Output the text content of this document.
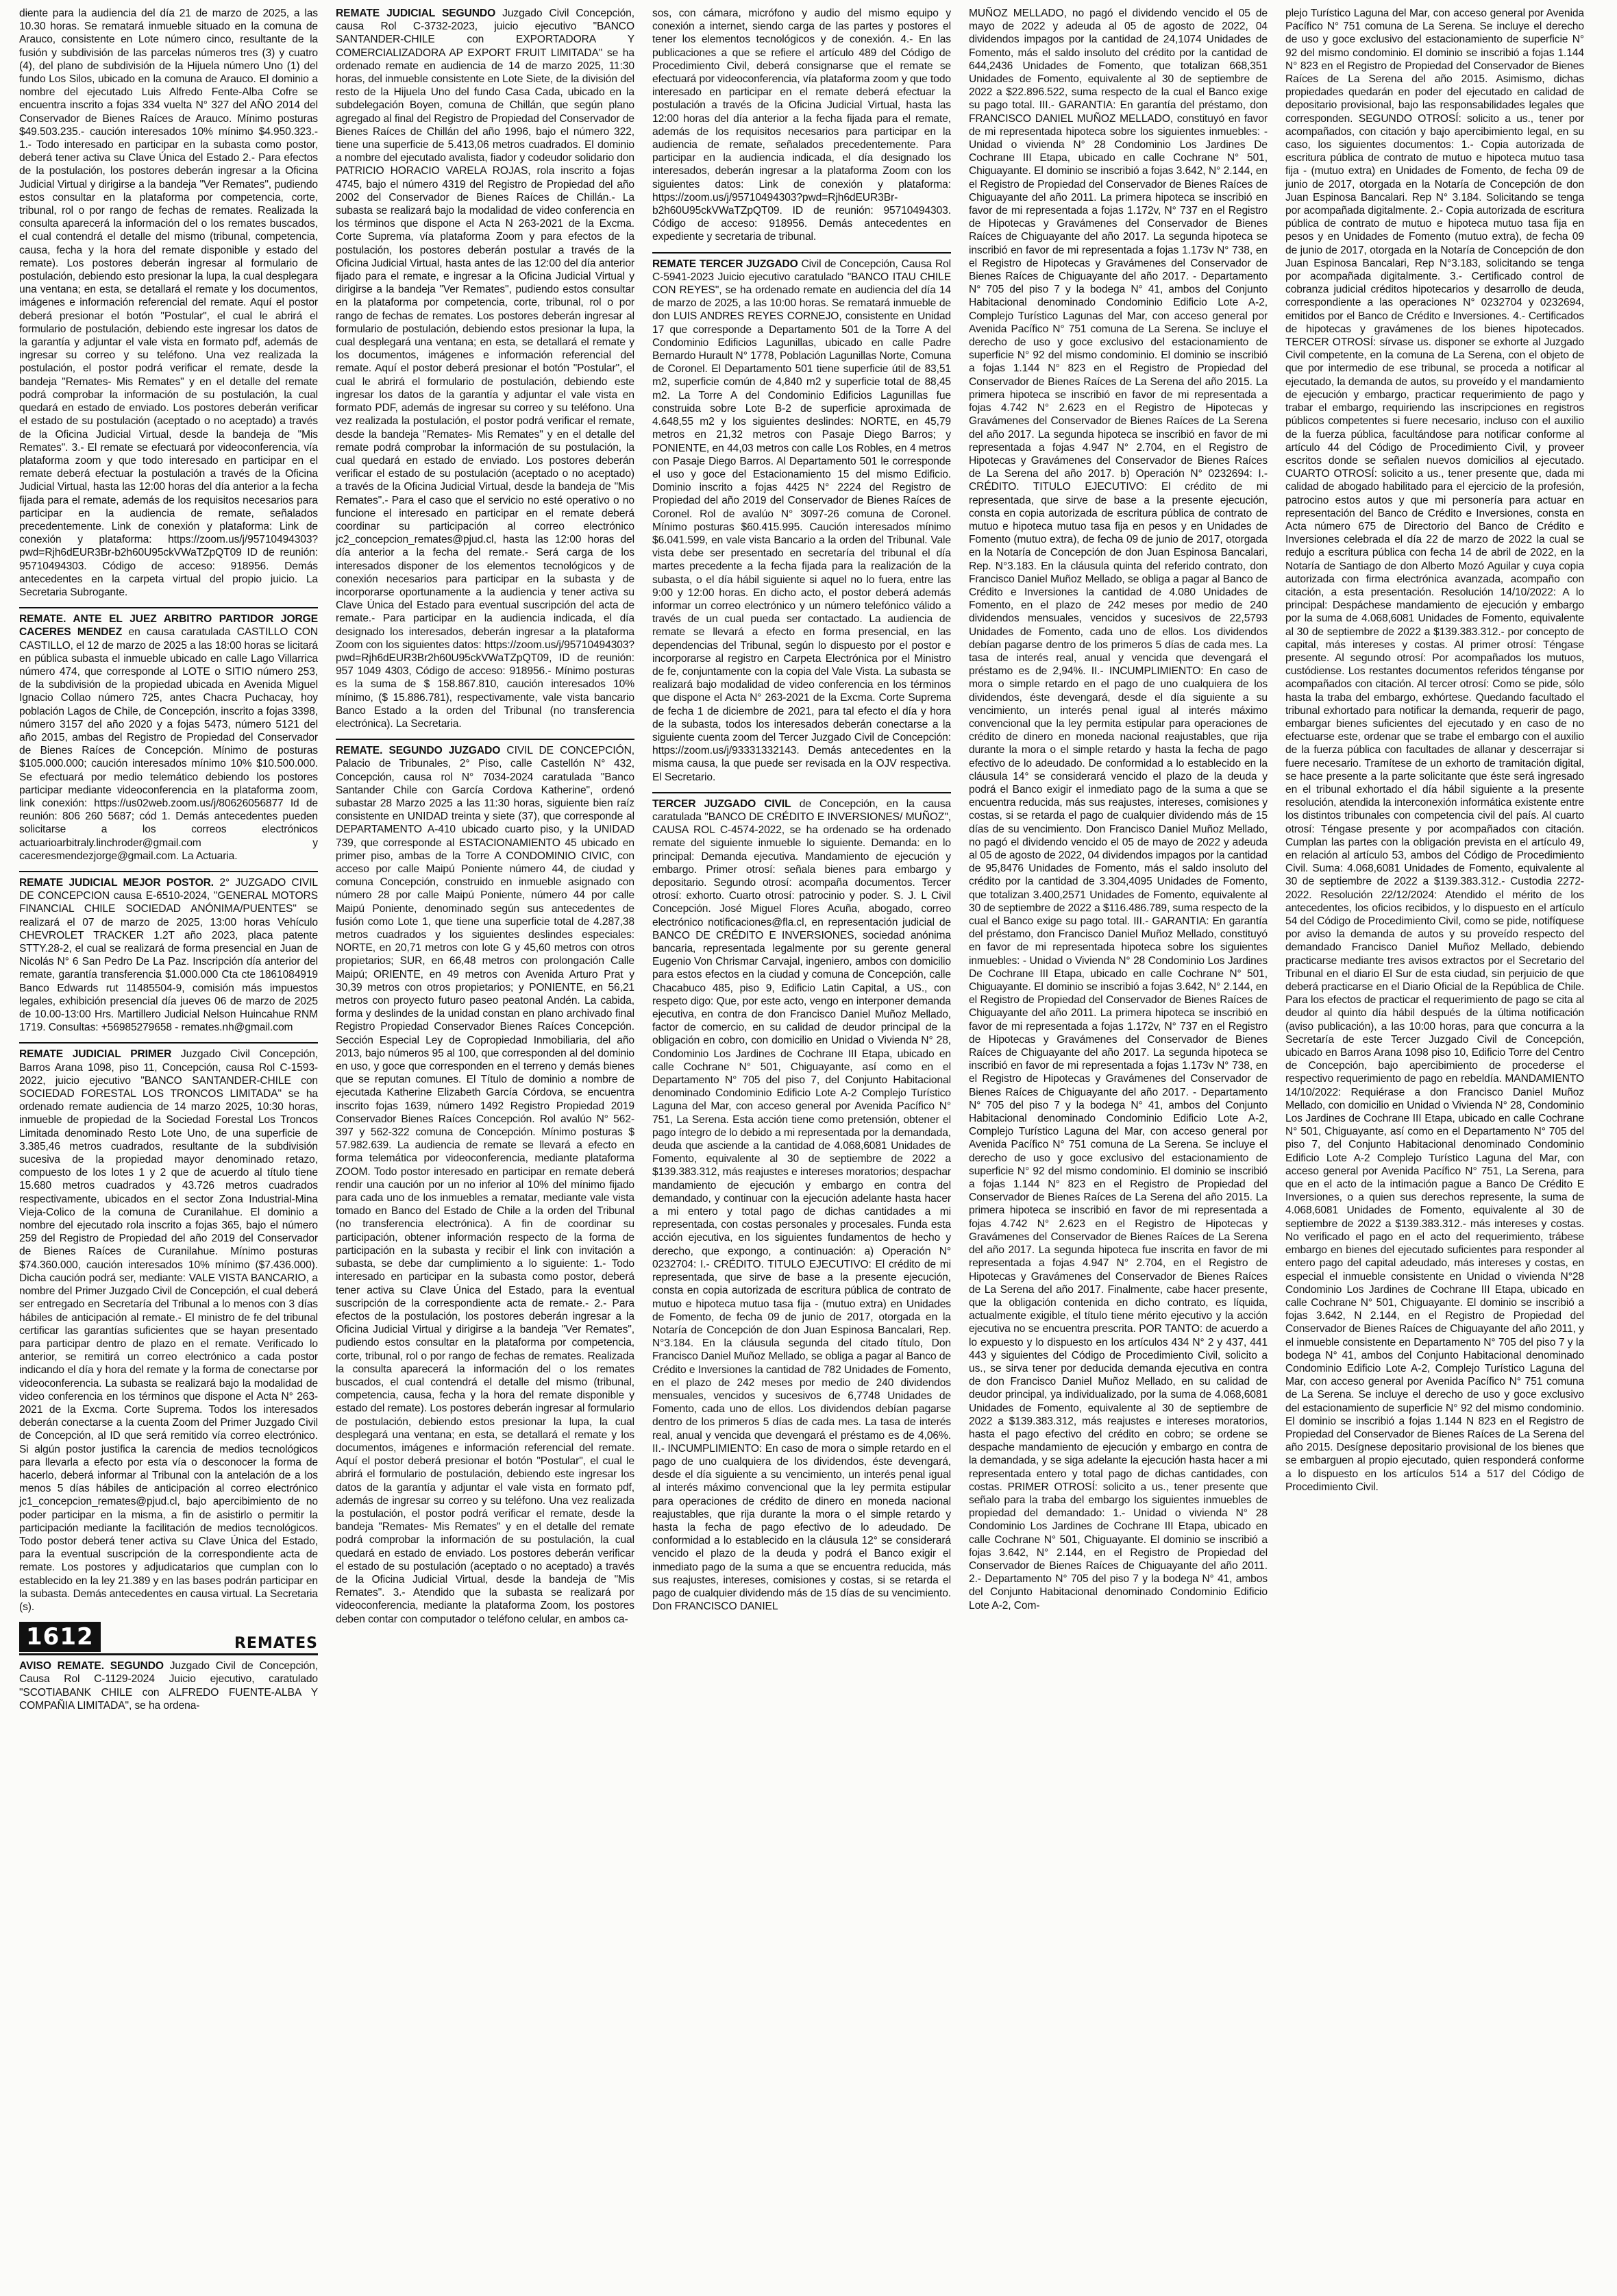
diente para la audiencia del día 21 de marzo de 2025, a las 10.30 horas. Se rematará inmueble situado en la comuna de Arauco, consistente en Lote número cinco, resultante de la fusión y subdivisión de las parcelas números tres (3) y cuatro (4), del plano de subdivisión de la Hijuela número Uno (1) del fundo Los Silos, ubicado en la comuna de Arauco. El dominio a nombre del ejecutado Luis Alfredo Fente-Alba Cofre se encuentra inscrito a fojas 334 vuelta N° 327 del AÑO 2014 del Conservador de Bienes Raíces de Arauco. Mínimo posturas $49.503.235.- caución interesados 10% mínimo $4.950.323.- 1.- Todo interesado en participar en la subasta como postor, deberá tener activa su Clave Única del Estado 2.- Para efectos de la postulación, los postores deberán ingresar a la Oficina Judicial Virtual y dirigirse a la bandeja "Ver Remates", pudiendo estos consultar en la plataforma por competencia, corte, tribunal, rol o por rango de fechas de remates. Realizada la consulta aparecerá la información del o los remates buscados, el cual contendrá el detalle del mismo (tribunal, competencia, causa, fecha y la hora del remate disponible y estado del remate). Los postores deberán ingresar al formulario de postulación, debiendo esto presionar la lupa, la cual desplegara una ventana; en esta, se detallará el remate y los documentos, imágenes e información referencial del remate. Aquí el postor deberá presionar el botón "Postular", el cual le abrirá el formulario de postulación, debiendo este ingresar los datos de la garantía y adjuntar el vale vista en formato pdf, además de ingresar su correo y su teléfono. Una vez realizada la postulación, el postor podrá verificar el remate, desde la bandeja "Remates- Mis Remates" y en el detalle del remate podrá comprobar la información de su postulación, la cual quedará en estado de enviado. Los postores deberán verificar el estado de su postulación (aceptado o no aceptado) a través de la Oficina Judicial Virtual, desde la bandeja de "Mis Remates". 3.- El remate se efectuará por videoconferencia, vía plataforma zoom y que todo interesado en participar en el remate deberá efectuar la postulación a través de la Oficina Judicial Virtual, hasta las 12:00 horas del día anterior a la fecha fijada para el remate, además de los requisitos necesarios para participar en la audiencia de remate, señalados precedentemente. Link de conexión y plataforma: Link de conexión y plataforma: https://zoom.us/j/95710494303?pwd=Rjh6dEUR3Br-b2h60U95ckVWaTZpQT09 ID de reunión: 95710494303. Código de acceso: 918956. Demás antecedentes en la carpeta virtual del propio juicio. La Secretaria Subrogante.

REMATE. ANTE EL JUEZ ARBITRO PARTIDOR JORGE CACERES MENDEZ en causa caratulada CASTILLO CON CASTILLO, el 12 de marzo de 2025 a las 18:00 horas se licitará en pública subasta el inmueble ubicado en calle Lago Villarrica número 474, que corresponde al LOTE o SITIO número 253, de la subdivisión de la propiedad ubicada en Avenida Miguel Ignacio Collao número 725, antes Chacra Puchacay, hoy población Lagos de Chile, de Concepción, inscrito a fojas 3398, número 3157 del año 2020 y a fojas 5473, número 5121 del año 2015, ambas del Registro de Propiedad del Conservador de Bienes Raíces de Concepción. Mínimo de posturas $105.000.000; caución interesados mínimo 10% $10.500.000. Se efectuará por medio telemático debiendo los postores participar mediante videoconferencia en la plataforma zoom, link conexión: https://us02web.zoom.us/j/80626056877 Id de reunión: 806 260 5687; cód 1. Demás antecedentes pueden solicitarse a los correos electrónicos actuarioarbitraly.linchroder@gmail.com y caceresmendezjorge@gmail.com. La Actuaria.

REMATE JUDICIAL MEJOR POSTOR. 2° JUZGADO CIVIL DE CONCEPCION causa E-6510-2024, "GENERAL MOTORS FINANCIAL CHILE SOCIEDAD ANÓNIMA/PUENTES" se realizará el 07 de marzo de 2025, 13:00 horas Vehículo CHEVROLET TRACKER 1.2T año 2023, placa patente STTY.28-2, el cual se realizará de forma presencial en Juan de Nicolás N° 6 San Pedro De La Paz. Inscripción día anterior del remate, garantía transferencia $1.000.000 Cta cte 1861084919 Banco Edwards rut 11485504-9, comisión más impuestos legales, exhibición presencial día jueves 06 de marzo de 2025 de 10.00-13:00 Hrs. Martillero Judicial Nelson Huincahue RNM 1719. Consultas: +56985279658 - remates.nh@gmail.com

REMATE JUDICIAL PRIMER Juzgado Civil Concepción, Barros Arana 1098, piso 11, Concepción, causa Rol C-1593-2022, juicio ejecutivo "BANCO SANTANDER-CHILE con SOCIEDAD FORESTAL LOS TRONCOS LIMITADA" se ha ordenado remate audiencia de 14 marzo 2025, 10:30 horas, inmueble de propiedad de la Sociedad Forestal Los Troncos Limitada denominado Resto Lote Uno, de una superficie de 3.385,46 metros cuadrados, resultante de la subdivisión sucesiva de la propiedad mayor denominado retazo, compuesto de los lotes 1 y 2 que de acuerdo al título tiene 15.680 metros cuadrados y 43.726 metros cuadrados respectivamente, ubicados en el sector Zona Industrial-Mina Vieja-Colico de la comuna de Curanilahue. El dominio a nombre del ejecutado rola inscrito a fojas 365, bajo el número 259 del Registro de Propiedad del año 2019 del Conservador de Bienes Raíces de Curanilahue. Mínimo posturas $74.360.000, caución interesados 10% mínimo ($7.436.000). Dicha caución podrá ser, mediante: VALE VISTA BANCARIO, a nombre del Primer Juzgado Civil de Concepción, el cual deberá ser entregado en Secretaría del Tribunal a lo menos con 3 días hábiles de anticipación al remate.- El ministro de fe del tribunal certificar las garantías suficientes que se hayan presentado para participar dentro de plazo en el remate. Verificado lo anterior, se remitirá un correo electrónico a cada postor indicando el día y hora del remate y la forma de conectarse por videoconferencia. La subasta se realizará bajo la modalidad de video conferencia en los términos que dispone el Acta N° 263-2021 de la Excma. Corte Suprema. Todos los interesados deberán conectarse a la cuenta Zoom del Primer Juzgado Civil de Concepción, al ID que será remitido vía correo electrónico. Si algún postor justifica la carencia de medios tecnológicos para llevarla a efecto por esta vía o desconocer la forma de hacerlo, deberá informar al Tribunal con la antelación de a los menos 5 días hábiles de anticipación al correo electrónico jc1_concepcion_remates@pjud.cl, bajo apercibimiento de no poder participar en la misma, a fin de asistirlo o permitir la participación mediante la facilitación de medios tecnológicos. Todo postor deberá tener activa su Clave Única del Estado, para la eventual suscripción de la correspondiente acta de remate. Los postores y adjudicatarios que cumplan con lo establecido en la ley 21.389 y en las bases podrán participar en la subasta. Demás antecedentes en causa virtual. La Secretaria (s).

1612	REMATES

AVISO REMATE. SEGUNDO Juzgado Civil de Concepción, Causa Rol C-1129-2024 Juicio ejecutivo, caratulado "SCOTIABANK CHILE con ALFREDO FUENTE-ALBA Y COMPAÑIA LIMITADA", se ha ordena-

REMATE JUDICIAL SEGUNDO Juzgado Civil Concepción, causa Rol C-3732-2023, juicio ejecutivo "BANCO SANTANDER-CHILE con EXPORTADORA Y COMERCIALIZADORA AP EXPORT FRUIT LIMITADA" se ha ordenado remate en audiencia de 14 de marzo 2025, 11:30 horas, del inmueble consistente en Lote Siete, de la división del resto de la Hijuela Uno del fundo Casa Cada, ubicado en la subdelegación Boyen, comuna de Chillán, que según plano agregado al final del Registro de Propiedad del Conservador de Bienes Raíces de Chillán del año 1996, bajo el número 322, tiene una superficie de 5.413,06 metros cuadrados. El dominio a nombre del ejecutado avalista, fiador y codeudor solidario don PATRICIO HORACIO VARELA ROJAS, rola inscrito a fojas 4745, bajo el número 4319 del Registro de Propiedad del año 2002 del Conservador de Bienes Raíces de Chillán.- La subasta se realizará bajo la modalidad de video conferencia en los términos que dispone el Acta N 263-2021 de la Excma. Corte Suprema, vía plataforma Zoom y para efectos de la postulación, los postores deberán postular a través de la Oficina Judicial Virtual, hasta antes de las 12:00 del día anterior fijado para el remate, e ingresar a la Oficina Judicial Virtual y dirigirse a la bandeja "Ver Remates", pudiendo estos consultar en la plataforma por competencia, corte, tribunal, rol o por rango de fechas de remates. Los postores deberán ingresar al formulario de postulación, debiendo estos presionar la lupa, la cual desplegará una ventana; en esta, se detallará el remate y los documentos, imágenes e información referencial del remate. Aquí el postor deberá presionar el botón "Postular", el cual le abrirá el formulario de postulación, debiendo este ingresar los datos de la garantía y adjuntar el vale vista en formato PDF, además de ingresar su correo y su teléfono. Una vez realizada la postulación, el postor podrá verificar el remate, desde la bandeja "Remates- Mis Remates" y en el detalle del remate podrá comprobar la información de su postulación, la cual quedará en estado de enviado. Los postores deberán verificar el estado de su postulación (aceptado o no aceptado) a través de la Oficina Judicial Virtual, desde la bandeja de "Mis Remates".- Para el caso que el servicio no esté operativo o no funcione el interesado en participar en el remate deberá coordinar su participación al correo electrónico jc2_concepcion_remates@pjud.cl, hasta las 12:00 horas del día anterior a la fecha del remate.- Será carga de los interesados disponer de los elementos tecnológicos y de conexión necesarios para participar en la subasta y de incorporarse oportunamente a la audiencia y tener activa su Clave Única del Estado para eventual suscripción del acta de remate.- Para participar en la audiencia indicada, el día designado los interesados, deberán ingresar a la plataforma Zoom con los siguientes datos: https://zoom.us/j/95710494303?pwd=Rjh6dEUR3Br2h60U95ckVWaTZpQT09, ID de reunión: 957 1049 4303, Código de acceso: 918956.- Mínimo posturas es la suma de $ 158.867.810, caución interesados 10% mínimo, ($ 15.886.781), respectivamente, vale vista bancario Banco Estado a la orden del Tribunal (no transferencia electrónica). La Secretaria.

REMATE. SEGUNDO JUZGADO CIVIL DE CONCEPCIÓN, Palacio de Tribunales, 2° Piso, calle Castellón N° 432, Concepción, causa rol N° 7034-2024 caratulada "Banco Santander Chile con García Cordova Katherine", ordenó subastar 28 Marzo 2025 a las 11:30 horas, siguiente bien raíz consistente en UNIDAD treinta y siete (37), que corresponde al DEPARTAMENTO A-410 ubicado cuarto piso, y la UNIDAD 739, que corresponde al ESTACIONAMIENTO 45 ubicado en primer piso, ambas de la Torre A CONDOMINIO CIVIC, con acceso por calle Maipú Poniente número 44, de ciudad y comuna Concepción, construido en inmueble asignado con número 28 por calle Maipú Poniente, número 44 por calle Maipú Poniente, denominado según sus antecedentes de fusión como Lote 1, que tiene una superficie total de 4.287,38 metros cuadrados y los siguientes deslindes especiales: NORTE, en 20,71 metros con lote G y 45,60 metros con otros propietarios; SUR, en 66,48 metros con prolongación Calle Maipú; ORIENTE, en 49 metros con Avenida Arturo Prat y 30,39 metros con otros propietarios; y PONIENTE, en 56,21 metros con proyecto futuro paseo peatonal Andén. La cabida, forma y deslindes de la unidad constan en plano archivado final Registro Propiedad Conservador Bienes Raíces Concepción. Sección Especial Ley de Copropiedad Inmobiliaria, del año 2013, bajo números 95 al 100, que corresponden al del dominio en uso, y goce que corresponden en el terreno y demás bienes que se reputan comunes. El Título de dominio a nombre de ejecutada Katherine Elizabeth García Córdova, se encuentra inscrito fojas 1639, número 1492 Registro Propiedad 2019 Conservador Bienes Raíces Concepción. Rol avalúo N° 562-397 y 562-322 comuna de Concepción. Mínimo posturas $ 57.982.639. La audiencia de remate se llevará a efecto en forma telemática por videoconferencia, mediante plataforma ZOOM. Todo postor interesado en participar en remate deberá rendir una caución por un no inferior al 10% del mínimo fijado para cada uno de los inmuebles a rematar, mediante vale vista tomado en Banco del Estado de Chile a la orden del Tribunal (no transferencia electrónica). A fin de coordinar su participación, obtener información respecto de la forma de participación en la subasta y recibir el link con invitación a subasta, se debe dar cumplimiento a lo siguiente: 1.- Todo interesado en participar en la subasta como postor, deberá tener activa su Clave Única del Estado, para la eventual suscripción de la correspondiente acta de remate.- 2.- Para efectos de la postulación, los postores deberán ingresar a la Oficina Judicial Virtual y dirigirse a la bandeja "Ver Remates", pudiendo estos consultar en la plataforma por competencia, corte, tribunal, rol o por rango de fechas de remates. Realizada la consulta aparecerá la información del o los remates buscados, el cual contendrá el detalle del mismo (tribunal, competencia, causa, fecha y la hora del remate disponible y estado del remate). Los postores deberán ingresar al formulario de postulación, debiendo estos presionar la lupa, la cual desplegará una ventana; en esta, se detallará el remate y los documentos, imágenes e información referencial del remate. Aquí el postor deberá presionar el botón "Postular", el cual le abrirá el formulario de postulación, debiendo este ingresar los datos de la garantía y adjuntar el vale vista en formato pdf, además de ingresar su correo y su teléfono. Una vez realizada la postulación, el postor podrá verificar el remate, desde la bandeja "Remates- Mis Remates" y en el detalle del remate podrá comprobar la información de su postulación, la cual quedará en estado de enviado. Los postores deberán verificar el estado de su postulación (aceptado o no aceptado) a través de la Oficina Judicial Virtual, desde la bandeja de "Mis Remates". 3.- Atendido que la subasta se realizará por videoconferencia, mediante la plataforma Zoom, los postores deben contar con computador o teléfono celular, en ambos ca-

sos, con cámara, micrófono y audio del mismo equipo y conexión a internet, siendo carga de las partes y postores el tener los elementos tecnológicos y de conexión. 4.- En las publicaciones a que se refiere el artículo 489 del Código de Procedimiento Civil, deberá consignarse que el remate se efectuará por videoconferencia, vía plataforma zoom y que todo interesado en participar en el remate deberá efectuar la postulación a través de la Oficina Judicial Virtual, hasta las 12:00 horas del día anterior a la fecha fijada para el remate, además de los requisitos necesarios para participar en la audiencia de remate, señalados precedentemente. Para participar en la audiencia indicada, el día designado los interesados, deberán ingresar a la plataforma Zoom con los siguientes datos: Link de conexión y plataforma: https://zoom.us/j/95710494303?pwd=Rjh6dEUR3Br-b2h60U95ckVWaTZpQT09. ID de reunión: 95710494303. Código de acceso: 918956. Demás antecedentes en expediente y secretaria de tribunal.

REMATE TERCER JUZGADO Civil de Concepción, Causa Rol C-5941-2023 Juicio ejecutivo caratulado "BANCO ITAU CHILE CON REYES", se ha ordenado remate en audiencia del día 14 de marzo de 2025, a las 10:00 horas. Se rematará inmueble de don LUIS ANDRES REYES CORNEJO, consistente en Unidad 17 que corresponde a Departamento 501 de la Torre A del Condominio Edificios Lagunillas, ubicado en calle Padre Bernardo Hurault N° 1778, Población Lagunillas Norte, Comuna de Coronel. El Departamento 501 tiene superficie útil de 83,51 m2, superficie común de 4,840 m2 y superficie total de 88,45 m2. La Torre A del Condominio Edificios Lagunillas fue construida sobre Lote B-2 de superficie aproximada de 4.648,55 m2 y los siguientes deslindes: NORTE, en 45,79 metros en 21,32 metros con Pasaje Diego Barros; y PONIENTE, en 44,03 metros con calle Los Robles, en 4 metros con Pasaje Diego Barros. Al Departamento 501 le corresponde el uso y goce del Estacionamiento 15 del mismo Edificio. Dominio inscrito a fojas 4425 N° 2224 del Registro de Propiedad del año 2019 del Conservador de Bienes Raíces de Coronel. Rol de avalúo N° 3097-26 comuna de Coronel. Mínimo posturas $60.415.995. Caución interesados mínimo $6.041.599, en vale vista Bancario a la orden del Tribunal. Vale vista debe ser presentado en secretaría del tribunal el día martes precedente a la fecha fijada para la realización de la subasta, o el día hábil siguiente si aquel no lo fuera, entre las 9:00 y 12:00 horas. En dicho acto, el postor deberá además informar un correo electrónico y un número telefónico válido a través de un cual pueda ser contactado. La audiencia de remate se llevará a efecto en forma presencial, en las dependencias del Tribunal, según lo dispuesto por el postor e incorporarse al registro en Carpeta Electrónica por el Ministro de fe, conjuntamente con la copia del Vale Vista. La subasta se realizará bajo modalidad de video conferencia en los términos que dispone el Acta N° 263-2021 de la Excma. Corte Suprema de fecha 1 de diciembre de 2021, para tal efecto el día y hora de la subasta, todos los interesados deberán conectarse a la siguiente cuenta zoom del Tercer Juzgado Civil de Concepción: https://zoom.us/j/93331332143. Demás antecedentes en la misma causa, la que puede ser revisada en la OJV respectiva. El Secretario.

TERCER JUZGADO CIVIL de Concepción, en la causa caratulada "BANCO DE CRÉDITO E INVERSIONES/ MUÑOZ", CAUSA ROL C-4574-2022, se ha ordenado se ha ordenado remate del siguiente inmueble lo siguiente. Demanda: en lo principal: Demanda ejecutiva. Mandamiento de ejecución y embargo. Primer otrosí: señala bienes para embargo y depositario. Segundo otrosí: acompaña documentos. Tercer otrosí: exhorto. Cuarto otrosí: patrocinio y poder. S. J. L Civil Concepción. José Miguel Flores Acuña, abogado, correo electrónico notificaciones@fla.cl, en representación judicial de BANCO DE CRÉDITO E INVERSIONES, sociedad anónima bancaria, representada legalmente por su gerente general Eugenio Von Chrismar Carvajal, ingeniero, ambos con domicilio para estos efectos en la ciudad y comuna de Concepción, calle Chacabuco 485, piso 9, Edificio Latin Capital, a US., con respeto digo: Que, por este acto, vengo en interponer demanda ejecutiva, en contra de don Francisco Daniel Muñoz Mellado, factor de comercio, en su calidad de deudor principal de la obligación en cobro, con domicilio en Unidad o Vivienda N° 28, Condominio Los Jardines de Cochrane III Etapa, ubicado en calle Cochrane N° 501, Chiguayante, así como en el Departamento N° 705 del piso 7, del Conjunto Habitacional denominado Condominio Edificio Lote A-2 Complejo Turístico Laguna del Mar, con acceso general por Avenida Pacífico N° 751, La Serena. Esta acción tiene como pretensión, obtener el pago íntegro de lo debido a mi representada por la demandada, deuda que asciende a la cantidad de 4.068,6081 Unidades de Fomento, equivalente al 30 de septiembre de 2022 a $139.383.312, más reajustes e intereses moratorios; despachar mandamiento de ejecución y embargo en contra del demandado, y continuar con la ejecución adelante hasta hacer a mi entero y total pago de dichas cantidades a mi representada, con costas personales y procesales. Funda esta acción ejecutiva, en los siguientes fundamentos de hecho y derecho, que expongo, a continuación: a) Operación N° 0232704: I.- CRÉDITO. TITULO EJECUTIVO: El crédito de mi representada, que sirve de base a la presente ejecución, consta en copia autorizada de escritura pública de contrato de mutuo e hipoteca mutuo tasa fija - (mutuo extra) en Unidades de Fomento, de fecha 09 de junio de 2017, otorgada en la Notaría de Concepción de don Juan Espinosa Bancalari, Rep. N°3.184. En la cláusula segunda del citado título, Don Francisco Daniel Muñoz Mellado, se obliga a pagar al Banco de Crédito e Inversiones la cantidad de 782 Unidades de Fomento, en el plazo de 242 meses por medio de 240 dividendos mensuales, vencidos y sucesivos de 6,7748 Unidades de Fomento, cada uno de ellos. Los dividendos debían pagarse dentro de los primeros 5 días de cada mes. La tasa de interés real, anual y vencida que devengará el préstamo es de 4,06%. II.- INCUMPLIMIENTO: En caso de mora o simple retardo en el pago de uno cualquiera de los dividendos, éste devengará, desde el día siguiente a su vencimiento, un interés penal igual al interés máximo convencional que la ley permita estipular para operaciones de crédito de dinero en moneda nacional reajustables, que rija durante la mora o el simple retardo y hasta la fecha de pago efectivo de lo adeudado. De conformidad a lo establecido en la cláusula 12° se considerará vencido el plazo de la deuda y podrá el Banco exigir el inmediato pago de la suma a que se encuentra reducida, más sus reajustes, intereses, comisiones y costas, si se retarda el pago de cualquier dividendo más de 15 días de su vencimiento. Don FRANCISCO DANIEL

MUÑOZ MELLADO, no pagó el dividendo vencido el 05 de mayo de 2022 y adeuda al 05 de agosto de 2022, 04 dividendos impagos por la cantidad de 24,1074 Unidades de Fomento, más el saldo insoluto del crédito por la cantidad de 644,2436 Unidades de Fomento, que totalizan 668,351 Unidades de Fomento, equivalente al 30 de septiembre de 2022 a $22.896.522, suma respecto de la cual el Banco exige su pago total. III.- GARANTIA: En garantía del préstamo, don FRANCISCO DANIEL MUÑOZ MELLADO, constituyó en favor de mi representada hipoteca sobre los siguientes inmuebles: - Unidad o vivienda N° 28 Condominio Los Jardines De Cochrane III Etapa, ubicado en calle Cochrane N° 501, Chiguayante. El dominio se inscribió a fojas 3.642, N° 2.144, en el Registro de Propiedad del Conservador de Bienes Raíces de Chiguayante del año 2011. La primera hipoteca se inscribió en favor de mi representada a fojas 1.172v, N° 737 en el Registro de Hipotecas y Gravámenes del Conservador de Bienes Raíces de Chiguayante del año 2017. La segunda hipoteca se inscribió en favor de mi representada a fojas 1.173v N° 738, en el Registro de Hipotecas y Gravámenes del Conservador de Bienes Raíces de Chiguayante del año 2017. - Departamento N° 705 del piso 7 y la bodega N° 41, ambos del Conjunto Habitacional denominado Condominio Edificio Lote A-2, Complejo Turístico Lagunas del Mar, con acceso general por Avenida Pacífico N° 751 comuna de La Serena. Se incluye el derecho de uso y goce exclusivo del estacionamiento de superficie N° 92 del mismo condominio. El dominio se inscribió a fojas 1.144 N° 823 en el Registro de Propiedad del Conservador de Bienes Raíces de La Serena del año 2015. La primera hipoteca se inscribió en favor de mi representada a fojas 4.742 N° 2.623 en el Registro de Hipotecas y Gravámenes del Conservador de Bienes Raíces de La Serena del año 2017. La segunda hipoteca se inscribió en favor de mi representada a fojas 4.947 N° 2.704, en el Registro de Hipotecas y Gravámenes del Conservador de Bienes Raíces de La Serena del año 2017. b) Operación N° 0232694: I.- CRÉDITO. TITULO EJECUTIVO: El crédito de mi representada, que sirve de base a la presente ejecución, consta en copia autorizada de escritura pública de contrato de mutuo e hipoteca mutuo tasa fija en pesos y en Unidades de Fomento (mutuo extra), de fecha 09 de junio de 2017, otorgada en la Notaría de Concepción de don Juan Espinosa Bancalari, Rep. N°3.183. En la cláusula quinta del referido contrato, don Francisco Daniel Muñoz Mellado, se obliga a pagar al Banco de Crédito e Inversiones la cantidad de 4.080 Unidades de Fomento, en el plazo de 242 meses por medio de 240 dividendos mensuales, vencidos y sucesivos de 22,5793 Unidades de Fomento, cada uno de ellos. Los dividendos debían pagarse dentro de los primeros 5 días de cada mes. La tasa de interés real, anual y vencida que devengará el préstamo es de 2,94%. II.- INCUMPLIMIENTO: En caso de mora o simple retardo en el pago de uno cualquiera de los dividendos, éste devengará, desde el día siguiente a su vencimiento, un interés penal igual al interés máximo convencional que la ley permita estipular para operaciones de crédito de dinero en moneda nacional reajustables, que rija durante la mora o el simple retardo y hasta la fecha de pago efectivo de lo adeudado. De conformidad a lo establecido en la cláusula 14° se considerará vencido el plazo de la deuda y podrá el Banco exigir el inmediato pago de la suma a que se encuentra reducida, más sus reajustes, intereses, comisiones y costas, si se retarda el pago de cualquier dividendo más de 15 días de su vencimiento. Don Francisco Daniel Muñoz Mellado, no pagó el dividendo vencido el 05 de mayo de 2022 y adeuda al 05 de agosto de 2022, 04 dividendos impagos por la cantidad de 95,8476 Unidades de Fomento, más el saldo insoluto del crédito por la cantidad de 3.304,4095 Unidades de Fomento, que totalizan 3.400,2571 Unidades de Fomento, equivalente al 30 de septiembre de 2022 a $116.486.789, suma respecto de la cual el Banco exige su pago total. III.- GARANTIA: En garantía del préstamo, don Francisco Daniel Muñoz Mellado, constituyó en favor de mi representada hipoteca sobre los siguientes inmuebles: - Unidad o Vivienda N° 28 Condominio Los Jardines De Cochrane III Etapa, ubicado en calle Cochrane N° 501, Chiguayante. El dominio se inscribió a fojas 3.642, N° 2.144, en el Registro de Propiedad del Conservador de Bienes Raíces de Chiguayante del año 2011. La primera hipoteca se inscribió en favor de mi representada a fojas 1.172v, N° 737 en el Registro de Hipotecas y Gravámenes del Conservador de Bienes Raíces de Chiguayante del año 2017. La segunda hipoteca se inscribió en favor de mi representada a fojas 1.173v N° 738, en el Registro de Hipotecas y Gravámenes del Conservador de Bienes Raíces de Chiguayante del año 2017. - Departamento N° 705 del piso 7 y la bodega N° 41, ambos del Conjunto Habitacional denominado Condominio Edificio Lote A-2, Complejo Turístico Laguna del Mar, con acceso general por Avenida Pacífico N° 751 comuna de La Serena. Se incluye el derecho de uso y goce exclusivo del estacionamiento de superficie N° 92 del mismo condominio. El dominio se inscribió a fojas 1.144 N° 823 en el Registro de Propiedad del Conservador de Bienes Raíces de La Serena del año 2015. La primera hipoteca se inscribió en favor de mi representada a fojas 4.742 N° 2.623 en el Registro de Hipotecas y Gravámenes del Conservador de Bienes Raíces de La Serena del año 2017. La segunda hipoteca fue inscrita en favor de mi representada a fojas 4.947 N° 2.704, en el Registro de Hipotecas y Gravámenes del Conservador de Bienes Raíces de La Serena del año 2017. Finalmente, cabe hacer presente, que la obligación contenida en dicho contrato, es líquida, actualmente exigible, el título tiene mérito ejecutivo y la acción ejecutiva no se encuentra prescrita. POR TANTO: de acuerdo a lo expuesto y lo dispuesto en los artículos 434 N° 2 y 437, 441 443 y siguientes del Código de Procedimiento Civil, solicito a us., se sirva tener por deducida demanda ejecutiva en contra de don Francisco Daniel Muñoz Mellado, en su calidad de deudor principal, ya individualizado, por la suma de 4.068,6081 Unidades de Fomento, equivalente al 30 de septiembre de 2022 a $139.383.312, más reajustes e intereses moratorios, hasta el pago efectivo del crédito en cobro; se ordene se despache mandamiento de ejecución y embargo en contra de la demandada, y se siga adelante la ejecución hasta hacer a mi representada entero y total pago de dichas cantidades, con costas. PRIMER OTROSÍ: solicito a us., tener presente que señalo para la traba del embargo los siguientes inmuebles de propiedad del demandado: 1.- Unidad o vivienda N° 28 Condominio Los Jardines de Cochrane III Etapa, ubicado en calle Cochrane N° 501, Chiguayante. El dominio se inscribió a fojas 3.642, N° 2.144, en el Registro de Propiedad del Conservador de Bienes Raíces de Chiguayante del año 2011. 2.- Departamento N° 705 del piso 7 y la bodega N° 41, ambos del Conjunto Habitacional denominado Condominio Edificio Lote A-2, Com-

plejo Turístico Laguna del Mar, con acceso general por Avenida Pacífico N° 751 comuna de La Serena. Se incluye el derecho de uso y goce exclusivo del estacionamiento de superficie N° 92 del mismo condominio. El dominio se inscribió a fojas 1.144 N° 823 en el Registro de Propiedad del Conservador de Bienes Raíces de La Serena del año 2015. Asimismo, dichas propiedades quedarán en poder del ejecutado en calidad de depositario provisional, bajo las responsabilidades legales que corresponden. SEGUNDO OTROSÍ: solicito a us., tener por acompañados, con citación y bajo apercibimiento legal, en su caso, los siguientes documentos: 1.- Copia autorizada de escritura pública de contrato de mutuo e hipoteca mutuo tasa fija - (mutuo extra) en Unidades de Fomento, de fecha 09 de junio de 2017, otorgada en la Notaría de Concepción de don Juan Espinosa Bancalari. Rep N° 3.184. Solicitando se tenga por acompañada digitalmente. 2.- Copia autorizada de escritura pública de contrato de mutuo e hipoteca mutuo tasa fija en pesos y en Unidades de Fomento (mutuo extra), de fecha 09 de junio de 2017, otorgada en la Notaría de Concepción de don Juan Espinosa Bancalari, Rep N°3.183, solicitando se tenga por acompañada digitalmente. 3.- Certificado control de cobranza judicial créditos hipotecarios y desarrollo de deuda, correspondiente a las operaciones N° 0232704 y 0232694, emitidos por el Banco de Crédito e Inversiones. 4.- Certificados de hipotecas y gravámenes de los bienes hipotecados. TERCER OTROSÍ: sírvase us. disponer se exhorte al Juzgado Civil competente, en la comuna de La Serena, con el objeto de que por intermedio de ese tribunal, se proceda a notificar al ejecutado, la demanda de autos, su proveído y el mandamiento de ejecución y embargo, practicar requerimiento de pago y trabar el embargo, requiriendo las inscripciones en registros públicos competentes si fuere necesario, incluso con el auxilio de la fuerza pública, facultándose para notificar conforme al artículo 44 del Código de Procedimiento Civil, y proveer escritos donde se señalen nuevos domicilios al ejecutado. CUARTO OTROSÍ: solicito a us., tener presente que, dada mi calidad de abogado habilitado para el ejercicio de la profesión, patrocino estos autos y que mi personería para actuar en representación del Banco de Crédito e Inversiones, consta en Acta número 675 de Directorio del Banco de Crédito e Inversiones celebrada el día 22 de marzo de 2022 la cual se redujo a escritura pública con fecha 14 de abril de 2022, en la Notaría de Santiago de don Alberto Mozó Aguilar y cuya copia autorizada con firma electrónica avanzada, acompaño con citación, a esta presentación. Resolución 14/10/2022: A lo principal: Despáchese mandamiento de ejecución y embargo por la suma de 4.068,6081 Unidades de Fomento, equivalente al 30 de septiembre de 2022 a $139.383.312.- por concepto de capital, más intereses y costas. Al primer otrosí: Téngase presente. Al segundo otrosí: Por acompañados los mutuos, custódiense. Los restantes documentos referidos ténganse por acompañados con citación. Al tercer otrosí: Como se pide, sólo hasta la traba del embargo, exhórtese. Quedando facultado el tribunal exhortado para notificar la demanda, requerir de pago, embargar bienes suficientes del ejecutado y en caso de no efectuarse este, ordenar que se trabe el embargo con el auxilio de la fuerza pública con facultades de allanar y descerrajar si fuere necesario. Tramítese de un exhorto de tramitación digital, se hace presente a la parte solicitante que éste será ingresado en el tribunal exhortado el día hábil siguiente a la presente resolución, atendida la interconexión informática existente entre los distintos tribunales con competencia civil del país. Al cuarto otrosí: Téngase presente y por acompañados con citación. Cumplan las partes con la obligación prevista en el artículo 49, en relación al artículo 53, ambos del Código de Procedimiento Civil. Suma: 4.068,6081 Unidades de Fomento, equivalente al 30 de septiembre de 2022 a $139.383.312.- Custodia 2272-2022. Resolución 22/12/2024: Atendido el mérito de los antecedentes, los oficios recibidos, y lo dispuesto en el artículo 54 del Código de Procedimiento Civil, como se pide, notifíquese por aviso la demanda de autos y su proveído respecto del demandado Francisco Daniel Muñoz Mellado, debiendo practicarse mediante tres avisos extractos por el Secretario del Tribunal en el diario El Sur de esta ciudad, sin perjuicio de que deberá practicarse en el Diario Oficial de la República de Chile. Para los efectos de practicar el requerimiento de pago se cita al deudor al quinto día hábil después de la última notificación (aviso publicación), a las 10:00 horas, para que concurra a la Secretaría de este Tercer Juzgado Civil de Concepción, ubicado en Barros Arana 1098 piso 10, Edificio Torre del Centro de Concepción, bajo apercibimiento de procederse el respectivo requerimiento de pago en rebeldía. MANDAMIENTO 14/10/2022: Requiérase a don Francisco Daniel Muñoz Mellado, con domicilio en Unidad o Vivienda N° 28, Condominio Los Jardines de Cochrane III Etapa, ubicado en calle Cochrane N° 501, Chiguayante, así como en el Departamento N° 705 del piso 7, del Conjunto Habitacional denominado Condominio Edificio Lote A-2 Complejo Turístico Laguna del Mar, con acceso general por Avenida Pacífico N° 751, La Serena, para que en el acto de la intimación pague a Banco De Crédito E Inversiones, o a quien sus derechos represente, la suma de 4.068,6081 Unidades de Fomento, equivalente al 30 de septiembre de 2022 a $139.383.312.- más intereses y costas. No verificado el pago en el acto del requerimiento, trábese embargo en bienes del ejecutado suficientes para responder al entero pago del capital adeudado, más intereses y costas, en especial el inmueble consistente en Unidad o vivienda N°28 Condominio Los Jardines de Cochrane III Etapa, ubicado en calle Cochrane N° 501, Chiguayante. El dominio se inscribió a fojas 3.642, N 2.144, en el Registro de Propiedad del Conservador de Bienes Raíces de Chiguayante del año 2011, y el inmueble consistente en Departamento N° 705 del piso 7 y la bodega N° 41, ambos del Conjunto Habitacional denominado Condominio Edificio Lote A-2, Complejo Turístico Laguna del Mar, con acceso general por Avenida Pacífico N° 751 comuna de La Serena. Se incluye el derecho de uso y goce exclusivo del estacionamiento de superficie N° 92 del mismo condominio. El dominio se inscribió a fojas 1.144 N 823 en el Registro de Propiedad del Conservador de Bienes Raíces de La Serena del año 2015. Desígnese depositario provisional de los bienes que se embarguen al propio ejecutado, quien responderá conforme a lo dispuesto en los artículos 514 a 517 del Código de Procedimiento Civil.
